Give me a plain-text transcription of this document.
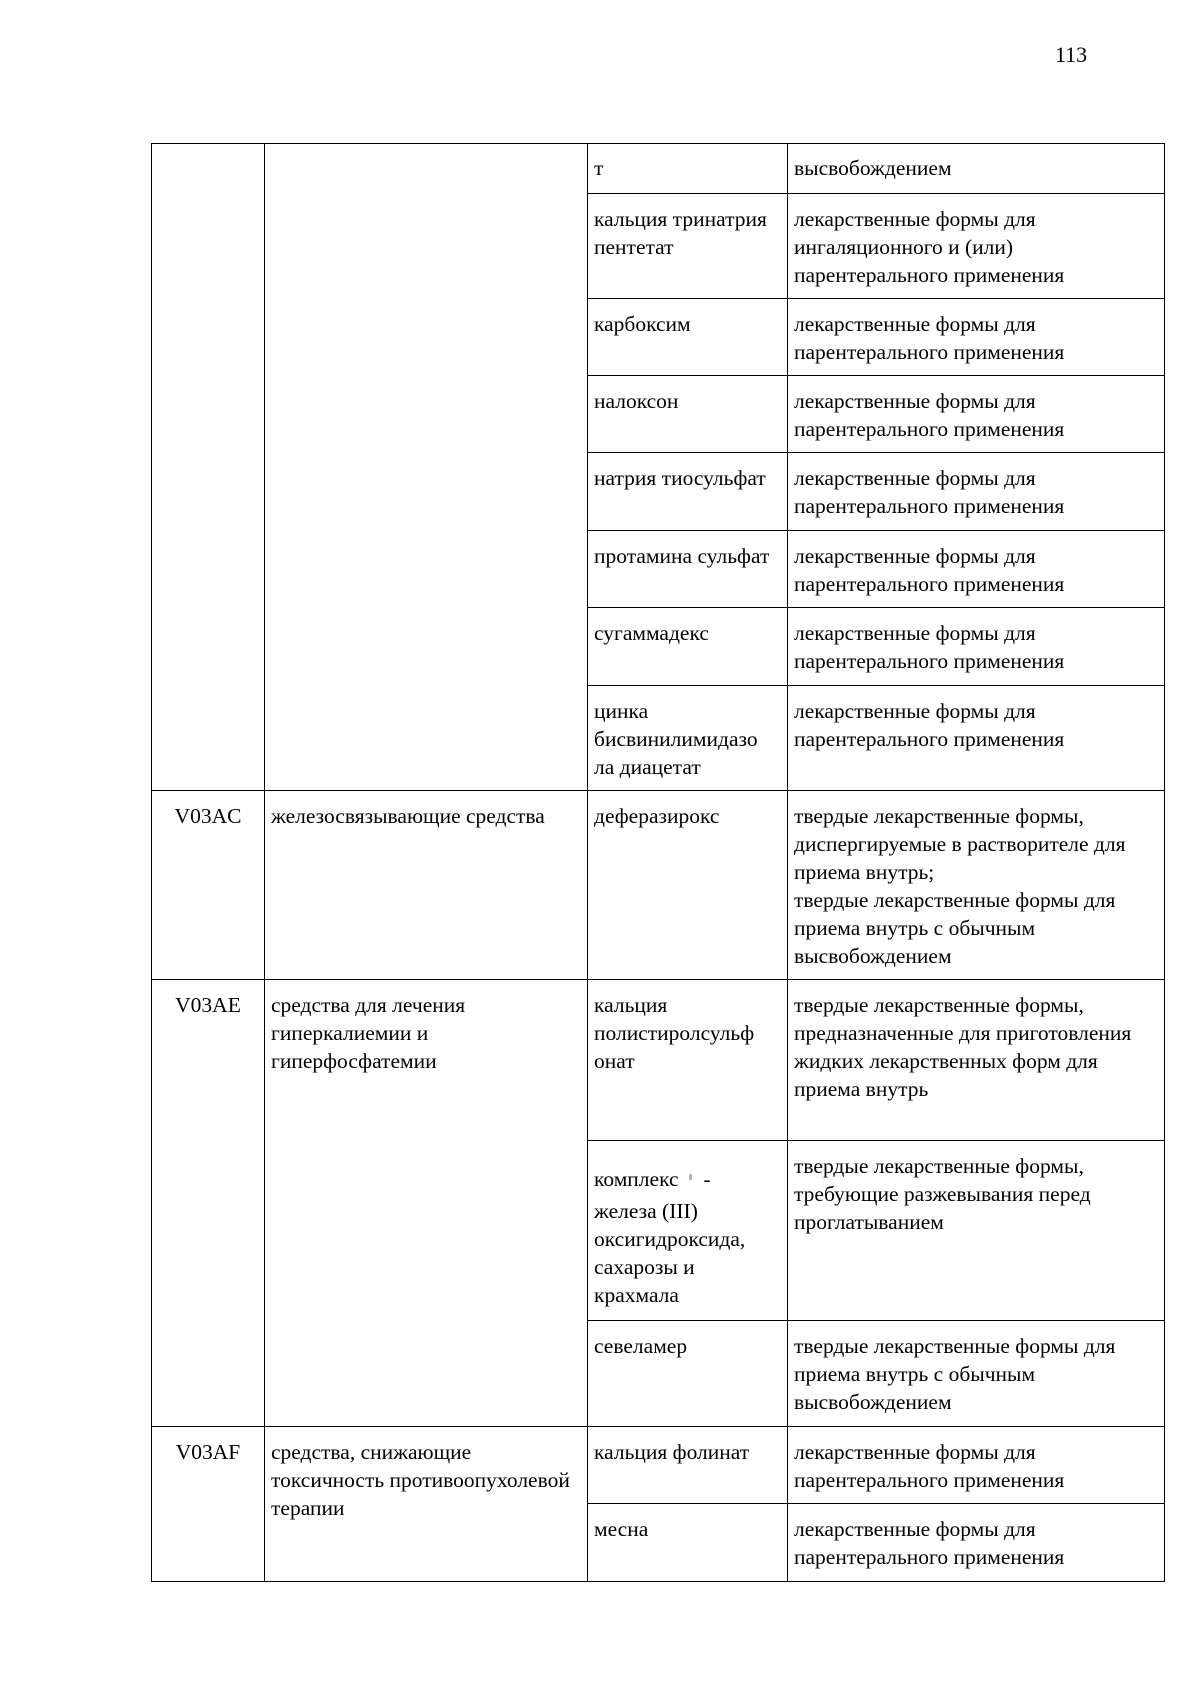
113
		т	высвобождением

		кальция тринатрия пентетат	лекарственные формы для ингаляционного и (или) парентерального применения

		карбоксим	лекарственные формы для парентерального применения

		налоксон	лекарственные формы для парентерального применения

		натрия тиосульфат	лекарственные формы для парентерального применения

		протамина сульфат	лекарственные формы для парентерального применения

		сугаммадекс	лекарственные формы для парентерального применения

		цинка бисвинилимидазо ла диацетат	лекарственные формы для парентерального применения

V03AC	железосвязывающие средства	деферазирокс	твердые лекарственные формы, диспергируемые в растворителе для приема внутрь;
твердые лекарственные формы для приема внутрь с обычным высвобождением

V03AE	средства для лечения гиперкалиемии и гиперфосфатемии	кальция полистиролсульф онат	твердые лекарственные формы, предназначенные для приготовления жидких лекарственных форм для приема внутрь

		комплекс -
железа (III) оксигидроксида, сахарозы и крахмала	твердые лекарственные формы, требующие разжевывания перед проглатыванием

		севеламер	твердые лекарственные формы для приема внутрь с обычным высвобождением

V03AF	средства, снижающие токсичность противоопухолевой терапии	кальция фолинат	лекарственные формы для парентерального применения

		месна	лекарственные формы для парентерального применения
